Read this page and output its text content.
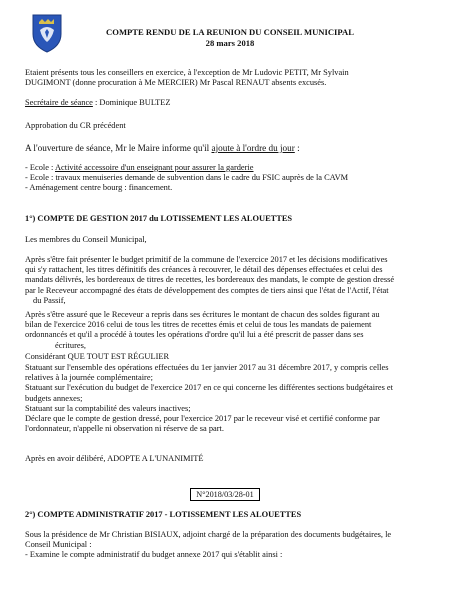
COMPTE RENDU DE LA REUNION DU CONSEIL MUNICIPAL
28 mars 2018
Etaient présents tous les conseillers en exercice, à l'exception de Mr Ludovic PETIT, Mr Sylvain
DUGIMONT (donne procuration à Me MERCIER) Mr Pascal RENAUT absents excusés.
Secrétaire de séance : Dominique BULTEZ
Approbation du CR précédent
A l'ouverture de séance, Mr le Maire informe qu'il ajoute à l'ordre du jour :
- Ecole : Activité accessoire d'un enseignant pour assurer la garderie
- Ecole : travaux menuiseries demande de subvention dans le cadre du FSIC auprès de la CAVM
- Aménagement centre bourg : financement.
1°) COMPTE DE GESTION 2017 du LOTISSEMENT LES ALOUETTES
Les membres du Conseil Municipal,
Après s'être fait présenter le budget primitif de la commune de l'exercice 2017 et les décisions modificatives
qui s'y rattachent, les titres définitifs des créances à recouvrer, le détail des dépenses effectuées et celui des
mandats délivrés, les bordereaux de titres de recettes, les bordereaux des mandats, le compte de gestion dressé
par le Receveur accompagné des états de développement des comptes de tiers ainsi que l'état de l'Actif, l'état
du Passif,
Après s'être assuré que le Receveur a repris dans ses écritures le montant de chacun des soldes figurant au
bilan de l'exercice 2016 celui de tous les titres de recettes émis et celui de tous les mandats de paiement
ordonnancés et qu'il a procédé à toutes les opérations d'ordre qu'il lui a été prescrit de passer dans ses
écritures,
Considérant QUE TOUT EST RÉGULIER
Statuant sur l'ensemble des opérations effectuées du 1er janvier 2017 au 31 décembre 2017, y compris celles
relatives à la journée complémentaire;
Statuant sur l'exécution du budget de l'exercice 2017 en ce qui concerne les différentes sections budgétaires et
budgets annexes;
Statuant sur la comptabilité des valeurs inactives;
Déclare que le compte de gestion dressé, pour l'exercice 2017 par le receveur visé et certifié conforme par
l'ordonnateur, n'appelle ni observation ni réserve de sa part.
Après en avoir délibéré, ADOPTE A L'UNANIMITÉ
N°2018/03/28-01
2°) COMPTE ADMINISTRATIF 2017 - LOTISSEMENT LES ALOUETTES
Sous la présidence de Mr Christian BISIAUX, adjoint chargé de la préparation des documents budgétaires, le
Conseil Municipal :
- Examine le compte administratif du budget annexe 2017 qui s'établit ainsi :
